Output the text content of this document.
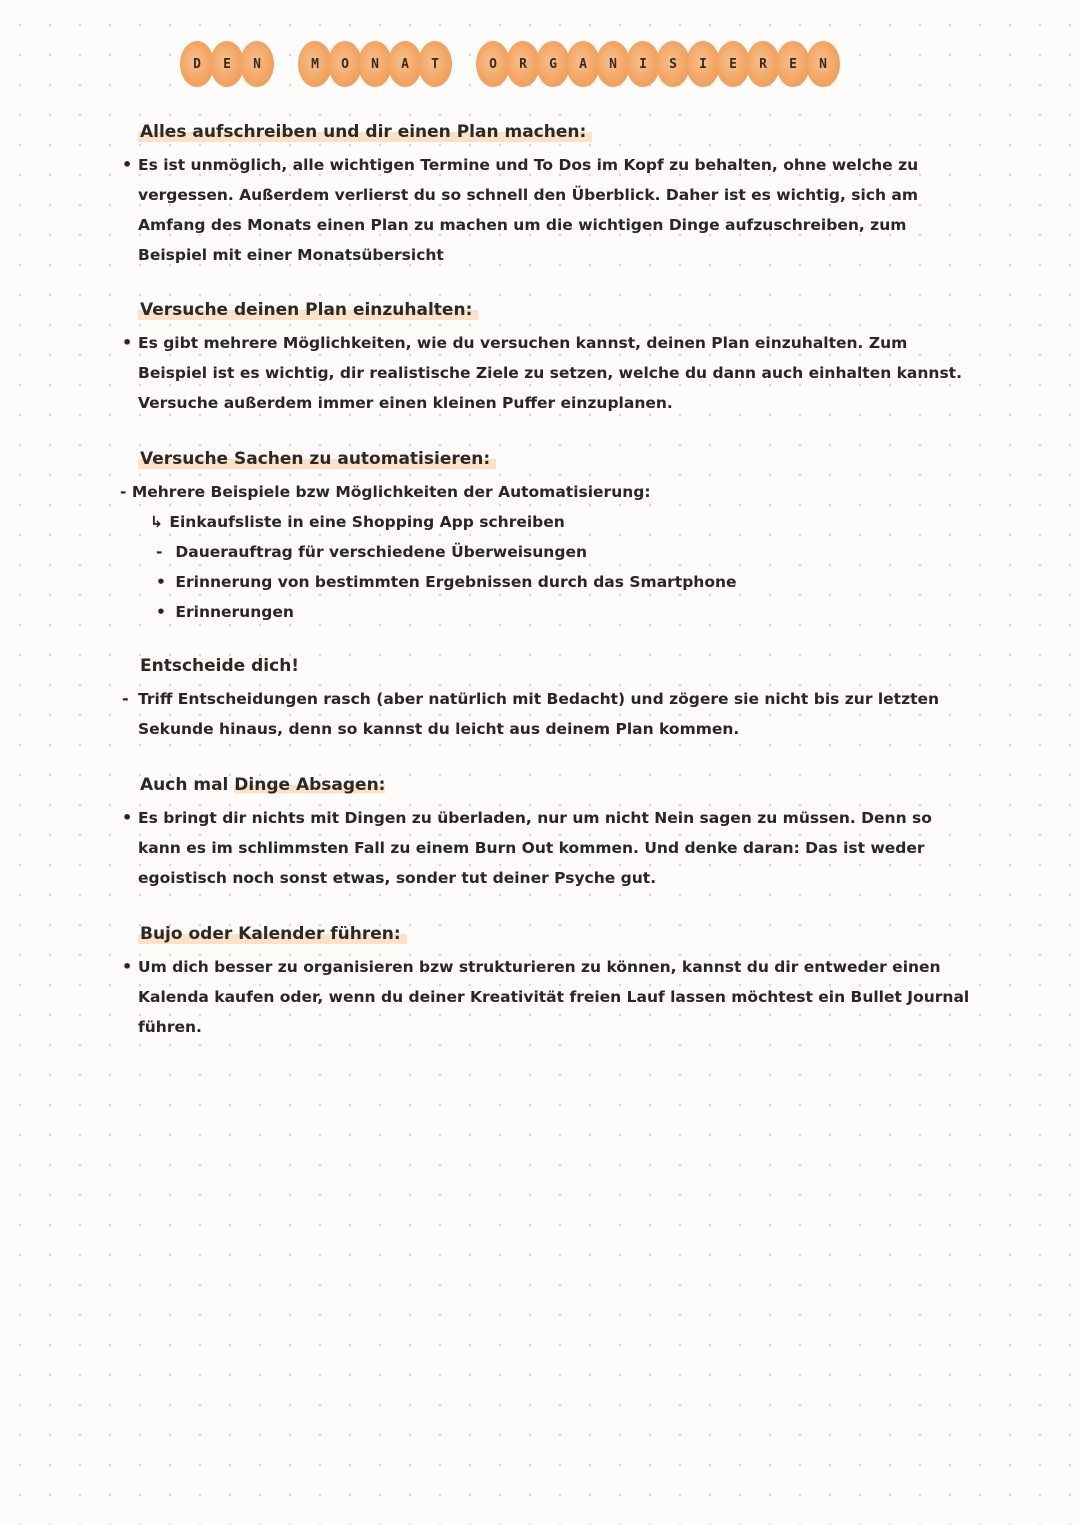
D	E	N	M	O	N	A	T	O	R	G	A	N	I	S	I	E	R	E	N
Alles aufschreiben und dir einen Plan machen:
• Es ist unmöglich, alle wichtigen Termine und To Dos im Kopf zu behalten, ohne welche zu vergessen. Außerdem verlierst du so schnell den Überblick. Daher ist es wichtig, sich am Amfang des Monats einen Plan zu machen um die wichtigen Dinge aufzuschreiben, zum Beispiel mit einer Monatsübersicht
Versuche deinen Plan einzuhalten:
• Es gibt mehrere Möglichkeiten, wie du versuchen kannst, deinen Plan einzuhalten. Zum Beispiel ist es wichtig, dir realistische Ziele zu setzen, welche du dann auch einhalten kannst. Versuche außerdem immer einen kleinen Puffer einzuplanen.
Versuche Sachen zu automatisieren:
- Mehrere Beispiele bzw Möglichkeiten der Automatisierung:
↳ Einkaufsliste in eine Shopping App schreiben
- Dauerauftrag für verschiedene Überweisungen
• Erinnerung von bestimmten Ergebnissen durch das Smartphone
• Erinnerungen
Entscheide dich!
- Triff Entscheidungen rasch (aber natürlich mit Bedacht) und zögere sie nicht bis zur letzten Sekunde hinaus, denn so kannst du leicht aus deinem Plan kommen.
Auch mal Dinge Absagen:
• Es bringt dir nichts mit Dingen zu überladen, nur um nicht Nein sagen zu müssen. Denn so kann es im schlimmsten Fall zu einem Burn Out kommen. Und denke daran: Das ist weder egoistisch noch sonst etwas, sonder tut deiner Psyche gut.
Bujo oder Kalender führen:
• Um dich besser zu organisieren bzw strukturieren zu können, kannst du dir entweder einen Kalenda kaufen oder, wenn du deiner Kreativität freien Lauf lassen möchtest ein Bullet Journal führen.
